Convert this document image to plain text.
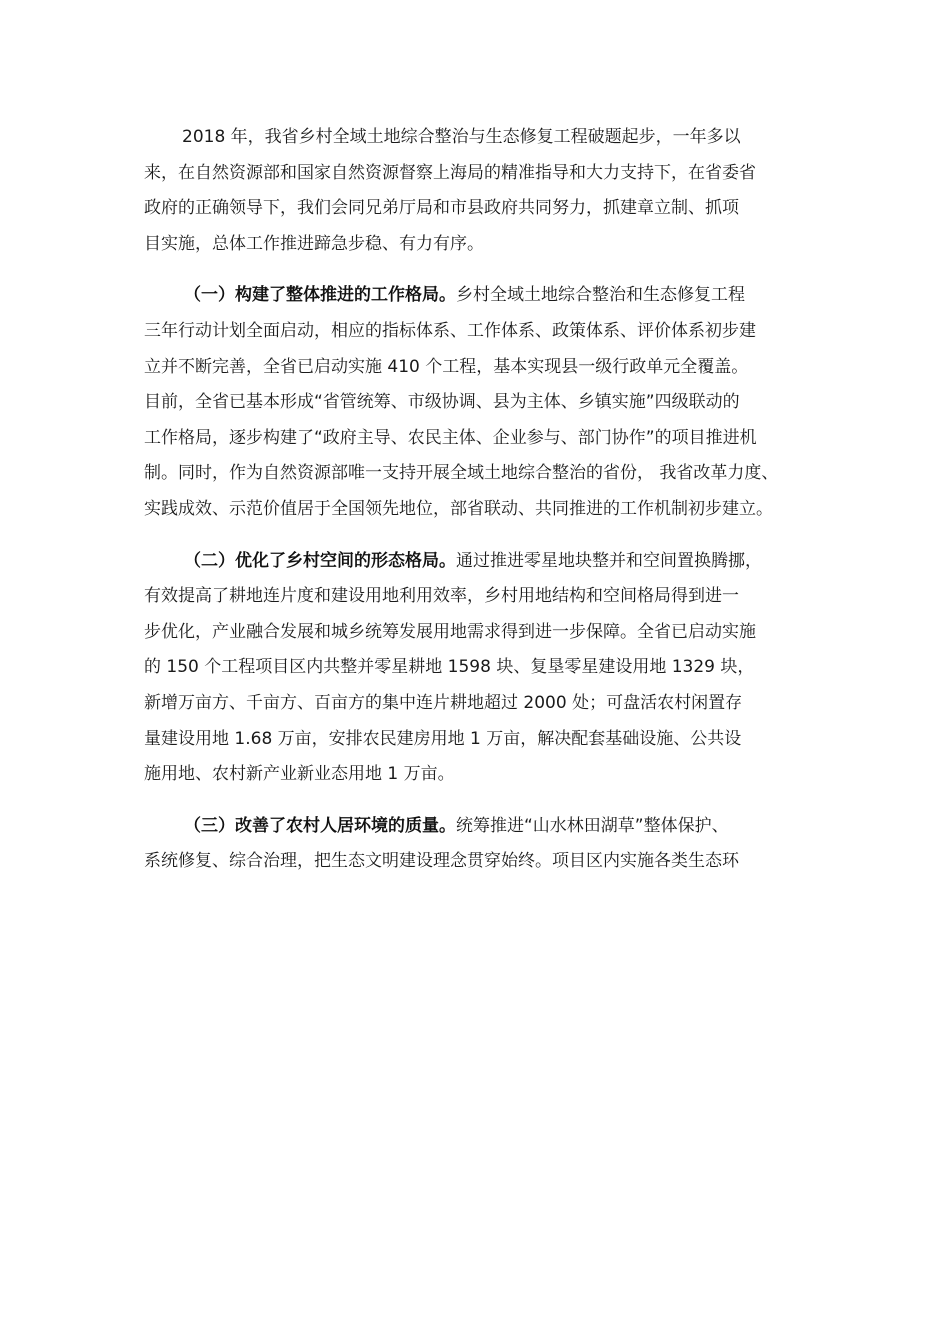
2018 年，我省乡村全域土地综合整治与生态修复工程破题起步，一年多以
来，在自然资源部和国家自然资源督察上海局的精准指导和大力支持下，在省委省
政府的正确领导下，我们会同兄弟厅局和市县政府共同努力，抓建章立制、抓项
目实施，总体工作推进蹄急步稳、有力有序。

（一）构建了整体推进的工作格局。乡村全域土地综合整治和生态修复工程
三年行动计划全面启动，相应的指标体系、工作体系、政策体系、评价体系初步建
立并不断完善，全省已启动实施 410 个工程，基本实现县一级行政单元全覆盖。
目前，全省已基本形成“省管统筹、市级协调、县为主体、乡镇实施”四级联动的
工作格局，逐步构建了“政府主导、农民主体、企业参与、部门协作”的项目推进机
制。同时，作为自然资源部唯一支持开展全域土地综合整治的省份， 我省改革力度、
实践成效、示范价值居于全国领先地位，部省联动、共同推进的工作机制初步建立。

（二）优化了乡村空间的形态格局。通过推进零星地块整并和空间置换腾挪，
有效提高了耕地连片度和建设用地利用效率，乡村用地结构和空间格局得到进一
步优化，产业融合发展和城乡统筹发展用地需求得到进一步保障。全省已启动实施
的 150 个工程项目区内共整并零星耕地 1598 块、复垦零星建设用地 1329 块，
新增万亩方、千亩方、百亩方的集中连片耕地超过 2000 处；可盘活农村闲置存
量建设用地 1.68 万亩，安排农民建房用地 1 万亩，解决配套基础设施、公共设
施用地、农村新产业新业态用地 1 万亩。

（三）改善了农村人居环境的质量。统筹推进“山水林田湖草”整体保护、
系统修复、综合治理，把生态文明建设理念贯穿始终。项目区内实施各类生态环
